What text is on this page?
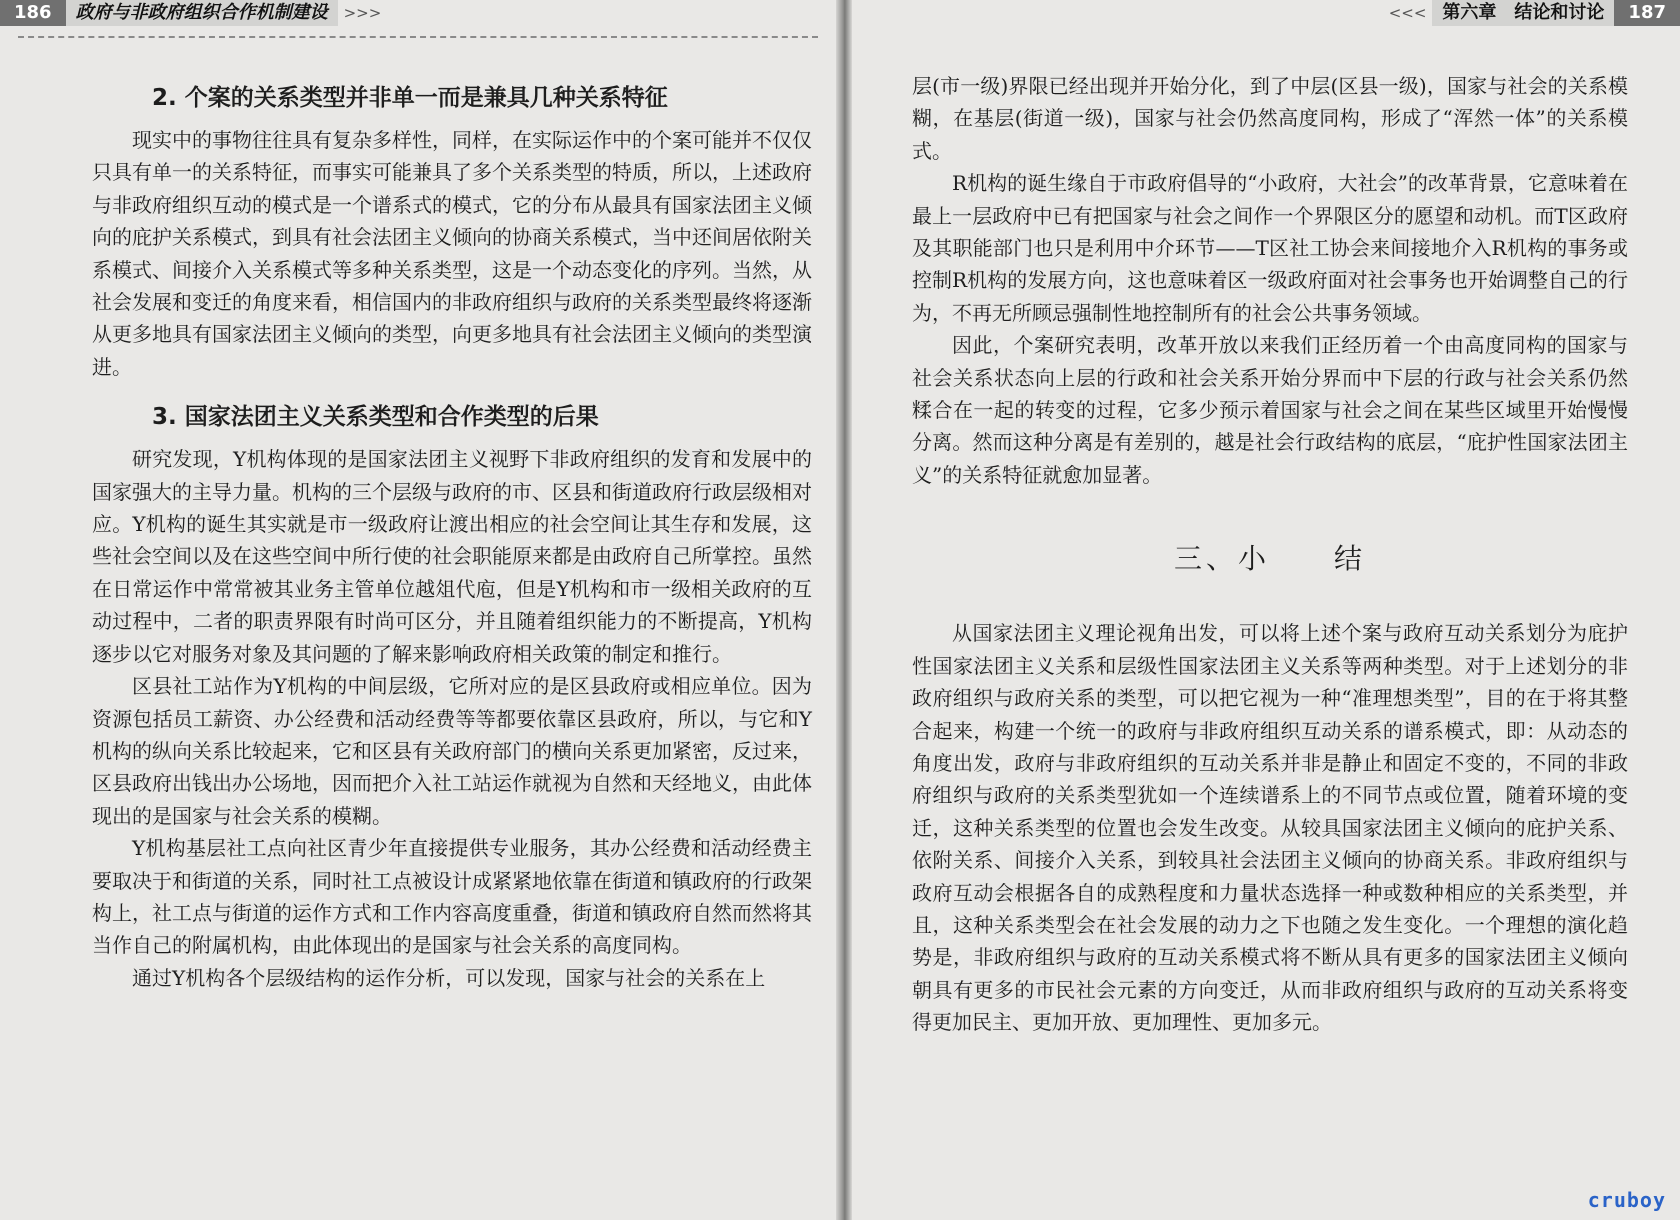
186	政府与非政府组织合作机制建设	>>>
2. 个案的关系类型并非单一而是兼具几种关系特征

现实中的事物往往具有复杂多样性，同样，在实际运作中的个案可能并不仅仅只具有单一的关系特征，而事实可能兼具了多个关系类型的特质，所以，上述政府与非政府组织互动的模式是一个谱系式的模式，它的分布从最具有国家法团主义倾向的庇护关系模式，到具有社会法团主义倾向的协商关系模式，当中还间居依附关系模式、间接介入关系模式等多种关系类型，这是一个动态变化的序列。当然，从社会发展和变迁的角度来看，相信国内的非政府组织与政府的关系类型最终将逐渐从更多地具有国家法团主义倾向的类型，向更多地具有社会法团主义倾向的类型演进。

3. 国家法团主义关系类型和合作类型的后果

研究发现，Y机构体现的是国家法团主义视野下非政府组织的发育和发展中的国家强大的主导力量。机构的三个层级与政府的市、区县和街道政府行政层级相对应。Y机构的诞生其实就是市一级政府让渡出相应的社会空间让其生存和发展，这些社会空间以及在这些空间中所行使的社会职能原来都是由政府自己所掌控。虽然在日常运作中常常被其业务主管单位越俎代庖，但是Y机构和市一级相关政府的互动过程中，二者的职责界限有时尚可区分，并且随着组织能力的不断提高，Y机构逐步以它对服务对象及其问题的了解来影响政府相关政策的制定和推行。

区县社工站作为Y机构的中间层级，它所对应的是区县政府或相应单位。因为资源包括员工薪资、办公经费和活动经费等等都要依靠区县政府，所以，与它和Y机构的纵向关系比较起来，它和区县有关政府部门的横向关系更加紧密，反过来，区县政府出钱出办公场地，因而把介入社工站运作就视为自然和天经地义，由此体现出的是国家与社会关系的模糊。

Y机构基层社工点向社区青少年直接提供专业服务，其办公经费和活动经费主要取决于和街道的关系，同时社工点被设计成紧紧地依靠在街道和镇政府的行政架构上，社工点与街道的运作方式和工作内容高度重叠，街道和镇政府自然而然将其当作自己的附属机构，由此体现出的是国家与社会关系的高度同构。

通过Y机构各个层级结构的运作分析，可以发现，国家与社会的关系在上

<<< 第六章　结论和讨论	187

层(市一级)界限已经出现并开始分化，到了中层(区县一级)，国家与社会的关系模糊，在基层(街道一级)，国家与社会仍然高度同构，形成了“浑然一体”的关系模式。

R机构的诞生缘自于市政府倡导的“小政府，大社会”的改革背景，它意味着在最上一层政府中已有把国家与社会之间作一个界限区分的愿望和动机。而T区政府及其职能部门也只是利用中介环节——T区社工协会来间接地介入R机构的事务或控制R机构的发展方向，这也意味着区一级政府面对社会事务也开始调整自己的行为，不再无所顾忌强制性地控制所有的社会公共事务领域。

因此，个案研究表明，改革开放以来我们正经历着一个由高度同构的国家与社会关系状态向上层的行政和社会关系开始分界而中下层的行政与社会关系仍然糅合在一起的转变的过程，它多少预示着国家与社会之间在某些区域里开始慢慢分离。然而这种分离是有差别的，越是社会行政结构的底层，“庇护性国家法团主义”的关系特征就愈加显著。

三、小　　结

从国家法团主义理论视角出发，可以将上述个案与政府互动关系划分为庇护性国家法团主义关系和层级性国家法团主义关系等两种类型。对于上述划分的非政府组织与政府关系的类型，可以把它视为一种“准理想类型”，目的在于将其整合起来，构建一个统一的政府与非政府组织互动关系的谱系模式，即：从动态的角度出发，政府与非政府组织的互动关系并非是静止和固定不变的，不同的非政府组织与政府的关系类型犹如一个连续谱系上的不同节点或位置，随着环境的变迁，这种关系类型的位置也会发生改变。从较具国家法团主义倾向的庇护关系、依附关系、间接介入关系，到较具社会法团主义倾向的协商关系。非政府组织与政府互动会根据各自的成熟程度和力量状态选择一种或数种相应的关系类型，并且，这种关系类型会在社会发展的动力之下也随之发生变化。一个理想的演化趋势是，非政府组织与政府的互动关系模式将不断从具有更多的国家法团主义倾向朝具有更多的市民社会元素的方向变迁，从而非政府组织与政府的互动关系将变得更加民主、更加开放、更加理性、更加多元。

cruboy
